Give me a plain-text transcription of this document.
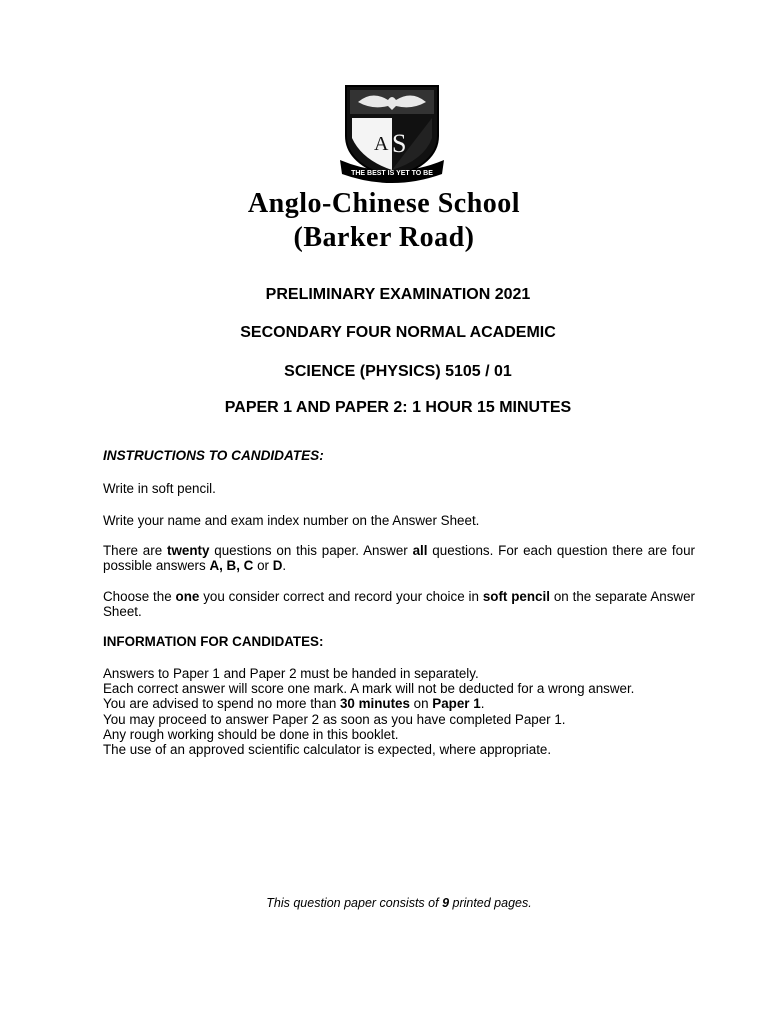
A S
THE BEST IS YET TO BE
Anglo-Chinese School
(Barker Road)
PRELIMINARY EXAMINATION 2021
SECONDARY FOUR NORMAL ACADEMIC
SCIENCE (PHYSICS) 5105 / 01
PAPER 1 AND PAPER 2: 1 HOUR 15 MINUTES
INSTRUCTIONS TO CANDIDATES:
Write in soft pencil.
Write your name and exam index number on the Answer Sheet.
There are twenty questions on this paper. Answer all questions. For each question there are four possible answers A, B, C or D.
Choose the one you consider correct and record your choice in soft pencil on the separate Answer Sheet.
INFORMATION FOR CANDIDATES:
Answers to Paper 1 and Paper 2 must be handed in separately.
Each correct answer will score one mark. A mark will not be deducted for a wrong answer.
You are advised to spend no more than 30 minutes on Paper 1.
You may proceed to answer Paper 2 as soon as you have completed Paper 1.
Any rough working should be done in this booklet.
The use of an approved scientific calculator is expected, where appropriate.
This question paper consists of 9 printed pages.
